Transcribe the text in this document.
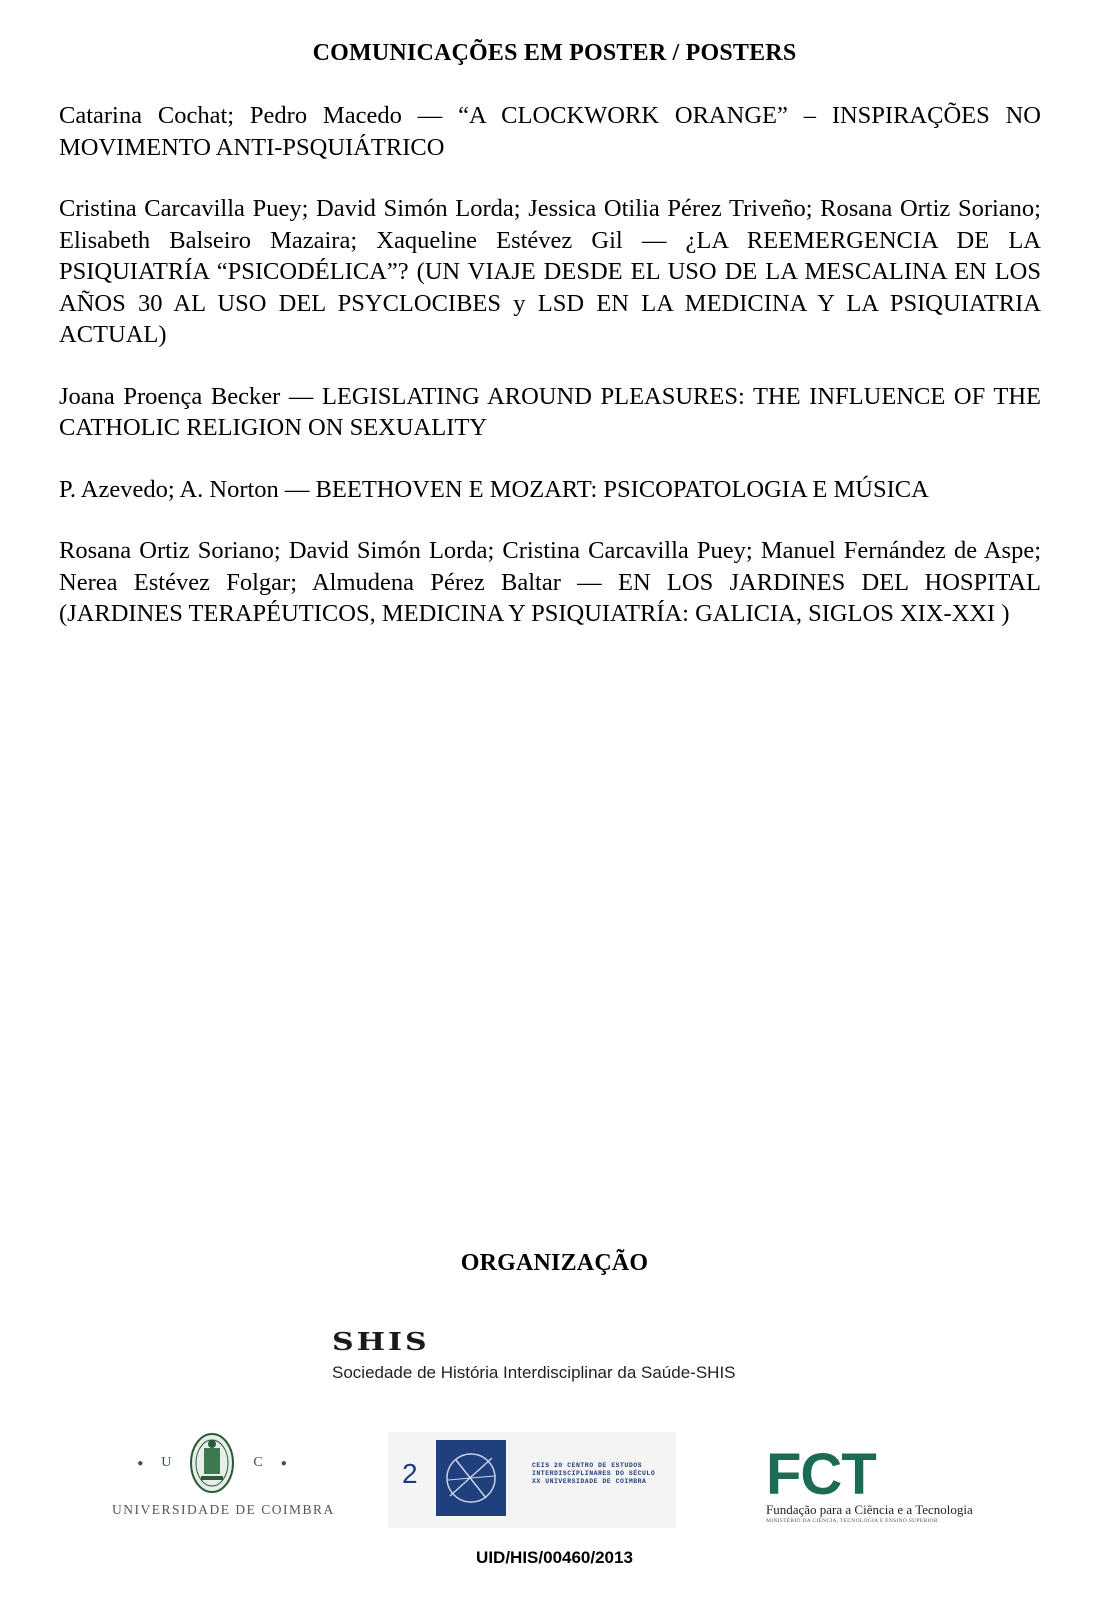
COMUNICAÇÕES EM POSTER / POSTERS

Catarina Cochat; Pedro Macedo — “A CLOCKWORK ORANGE” – INSPIRAÇÕES NO MOVIMENTO ANTI-PSQUIÁTRICO

Cristina Carcavilla Puey; David Simón Lorda; Jessica Otilia Pérez Triveño; Rosana Ortiz Soriano; Elisabeth Balseiro Mazaira; Xaqueline Estévez Gil — ¿LA REEMERGENCIA DE LA PSIQUIATRÍA “PSICODÉLICA”? (UN VIAJE DESDE EL USO DE LA MESCALINA EN LOS AÑOS 30 AL USO DEL PSYCLOCIBES y LSD EN LA MEDICINA Y LA PSIQUIATRIA ACTUAL)

Joana Proença Becker — LEGISLATING AROUND PLEASURES: THE INFLUENCE OF THE CATHOLIC RELIGION ON SEXUALITY

P. Azevedo; A. Norton — BEETHOVEN E MOZART: PSICOPATOLOGIA E MÚSICA

Rosana Ortiz Soriano; David Simón Lorda; Cristina Carcavilla Puey; Manuel Fernández de Aspe; Nerea Estévez Folgar; Almudena Pérez Baltar — EN LOS JARDINES DEL HOSPITAL (JARDINES TERAPÉUTICOS, MEDICINA Y PSIQUIATRÍA: GALICIA, SIGLOS XIX-XXI )

ORGANIZAÇÃO
SHIS
Sociedade de História Interdisciplinar da Saúde-SHIS
● U	C ●
UNIVERSIDADE DE COIMBRA
2	CEIS 20 CENTRO DE ESTUDOS INTERDISCIPLINARES DO SÉCULO XX UNIVERSIDADE DE COIMBRA FCT
Fundação para a Ciência e a Tecnologia
MINISTÉRIO DA CIÊNCIA, TECNOLOGIA E ENSINO SUPERIOR
UID/HIS/00460/2013
